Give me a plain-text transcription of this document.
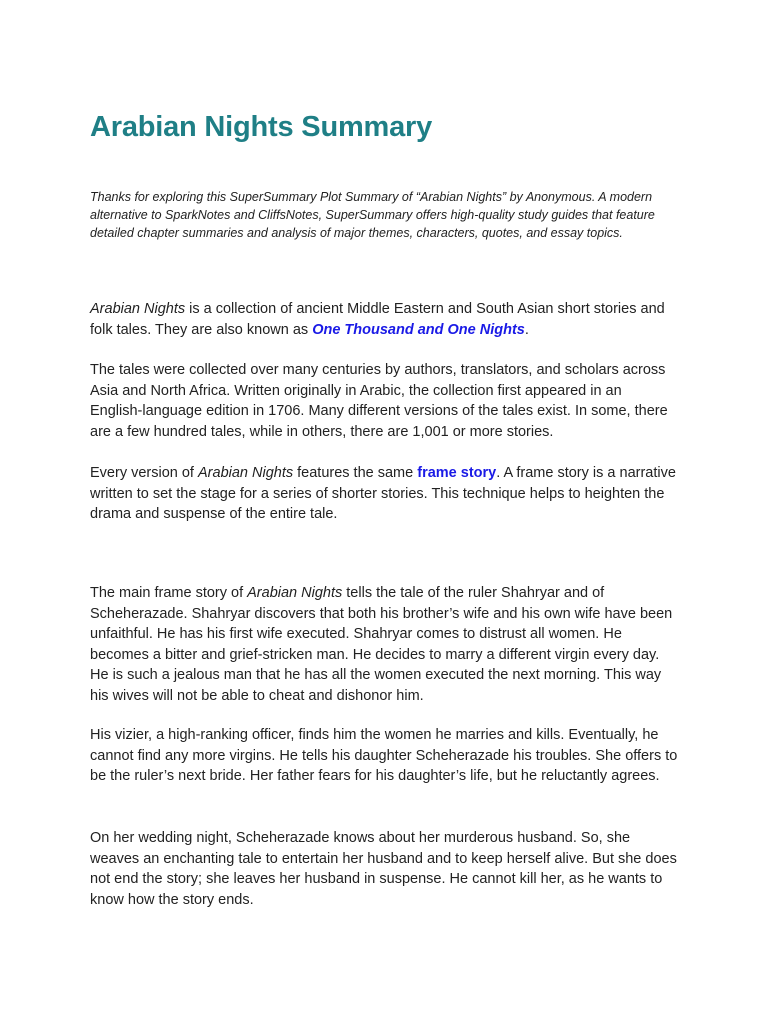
Arabian Nights Summary

Thanks for exploring this SuperSummary Plot Summary of “Arabian Nights” by Anonymous. A modern alternative to SparkNotes and CliffsNotes, SuperSummary offers high-quality study guides that feature detailed chapter summaries and analysis of major themes, characters, quotes, and essay topics.

Arabian Nights is a collection of ancient Middle Eastern and South Asian short stories and folk tales. They are also known as One Thousand and One Nights.

The tales were collected over many centuries by authors, translators, and scholars across Asia and North Africa. Written originally in Arabic, the collection first appeared in an English-language edition in 1706. Many different versions of the tales exist. In some, there are a few hundred tales, while in others, there are 1,001 or more stories.

Every version of Arabian Nights features the same frame story. A frame story is a narrative written to set the stage for a series of shorter stories. This technique helps to heighten the drama and suspense of the entire tale.

The main frame story of Arabian Nights tells the tale of the ruler Shahryar and of Scheherazade. Shahryar discovers that both his brother’s wife and his own wife have been unfaithful. He has his first wife executed. Shahryar comes to distrust all women. He becomes a bitter and grief-stricken man. He decides to marry a different virgin every day. He is such a jealous man that he has all the women executed the next morning. This way his wives will not be able to cheat and dishonor him.

His vizier, a high-ranking officer, finds him the women he marries and kills. Eventually, he cannot find any more virgins. He tells his daughter Scheherazade his troubles. She offers to be the ruler’s next bride. Her father fears for his daughter’s life, but he reluctantly agrees.

On her wedding night, Scheherazade knows about her murderous husband. So, she weaves an enchanting tale to entertain her husband and to keep herself alive. But she does not end the story; she leaves her husband in suspense. He cannot kill her, as he wants to know how the story ends.
